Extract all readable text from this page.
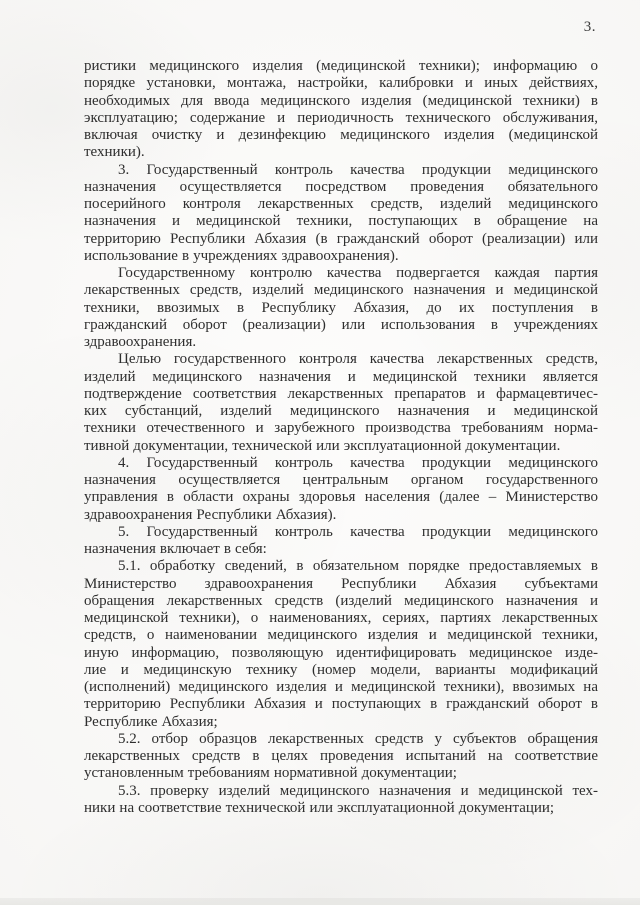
3.
ристики медицинского изделия (медицинской техники); информацию о
порядке установки, монтажа, настройки, калибровки и иных действиях,
необходимых для ввода медицинского изделия (медицинской техники) в
эксплуатацию; содержание и периодичность технического обслуживания,
включая очистку и дезинфекцию медицинского изделия (медицинской
техники).
3. Государственный контроль качества продукции медицинского
назначения осуществляется посредством проведения обязательного
посерийного контроля лекарственных средств, изделий медицинского
назначения и медицинской техники, поступающих в обращение на
территорию Республики Абхазия (в гражданский оборот (реализации) или
использование в учреждениях здравоохранения).
Государственному контролю качества подвергается каждая партия
лекарственных средств, изделий медицинского назначения и медицинской
техники, ввозимых в Республику Абхазия, до их поступления в
гражданский оборот (реализации) или использования в учреждениях
здравоохранения.
Целью государственного контроля качества лекарственных средств,
изделий медицинского назначения и медицинской техники является
подтверждение соответствия лекарственных препаратов и фармацевтичес-
ких субстанций, изделий медицинского назначения и медицинской
техники отечественного и зарубежного производства требованиям норма-
тивной документации, технической или эксплуатационной документации.
4. Государственный контроль качества продукции медицинского
назначения осуществляется центральным органом государственного
управления в области охраны здоровья населения (далее – Министерство
здравоохранения Республики Абхазия).
5. Государственный контроль качества продукции медицинского
назначения включает в себя:
5.1. обработку сведений, в обязательном порядке предоставляемых в
Министерство здравоохранения Республики Абхазия субъектами
обращения лекарственных средств (изделий медицинского назначения и
медицинской техники), о наименованиях, сериях, партиях лекарственных
средств, о наименовании медицинского изделия и медицинской техники,
иную информацию, позволяющую идентифицировать медицинское изде-
лие и медицинскую технику (номер модели, варианты модификаций
(исполнений) медицинского изделия и медицинской техники), ввозимых на
территорию Республики Абхазия и поступающих в гражданский оборот в
Республике Абхазия;
5.2. отбор образцов лекарственных средств у субъектов обращения
лекарственных средств в целях проведения испытаний на соответствие
установленным требованиям нормативной документации;
5.3. проверку изделий медицинского назначения и медицинской тех-
ники на соответствие технической или эксплуатационной документации;
